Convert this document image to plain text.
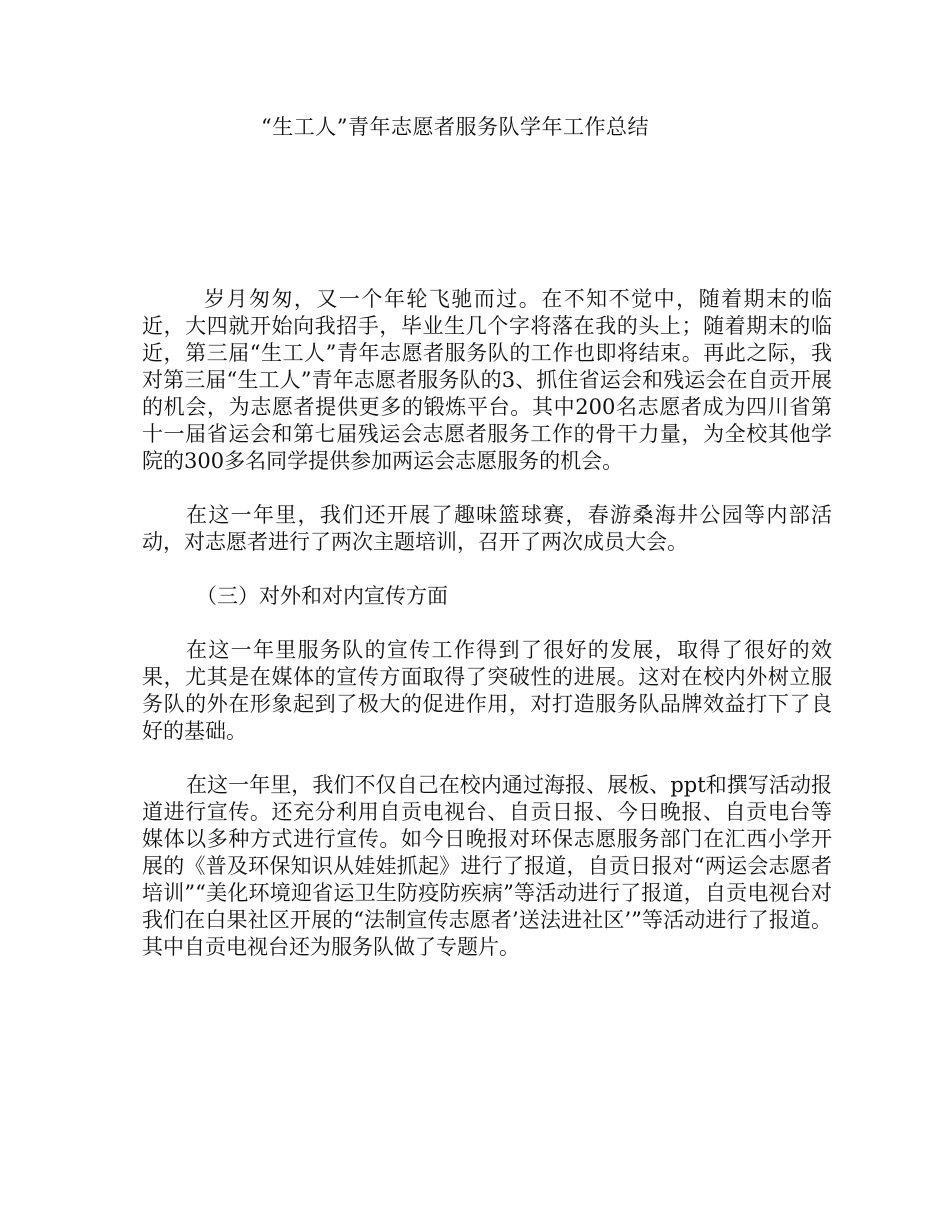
“生工人”青年志愿者服务队学年工作总结

岁月匆匆，又一个年轮飞驰而过。在不知不觉中，随着期末的临近，大四就开始向我招手，毕业生几个字将落在我的头上；随着期末的临近，第三届“生工人”青年志愿者服务队的工作也即将结束。再此之际，我对第三届“生工人”青年志愿者服务队的3、抓住省运会和残运会在自贡开展的机会，为志愿者提供更多的锻炼平台。其中200名志愿者成为四川省第十一届省运会和第七届残运会志愿者服务工作的骨干力量，为全校其他学院的300多名同学提供参加两运会志愿服务的机会。

在这一年里，我们还开展了趣味篮球赛，春游桑海井公园等内部活动，对志愿者进行了两次主题培训，召开了两次成员大会。

（三）对外和对内宣传方面

在这一年里服务队的宣传工作得到了很好的发展，取得了很好的效果，尤其是在媒体的宣传方面取得了突破性的进展。这对在校内外树立服务队的外在形象起到了极大的促进作用，对打造服务队品牌效益打下了良好的基础。

在这一年里，我们不仅自己在校内通过海报、展板、ppt和撰写活动报道进行宣传。还充分利用自贡电视台、自贡日报、今日晚报、自贡电台等媒体以多种方式进行宣传。如今日晚报对环保志愿服务部门在汇西小学开展的《普及环保知识从娃娃抓起》进行了报道，自贡日报对“两运会志愿者培训”“美化环境迎省运卫生防疫防疾病”等活动进行了报道，自贡电视台对我们在白果社区开展的“法制宣传志愿者’送法进社区’”等活动进行了报道。其中自贡电视台还为服务队做了专题片。
